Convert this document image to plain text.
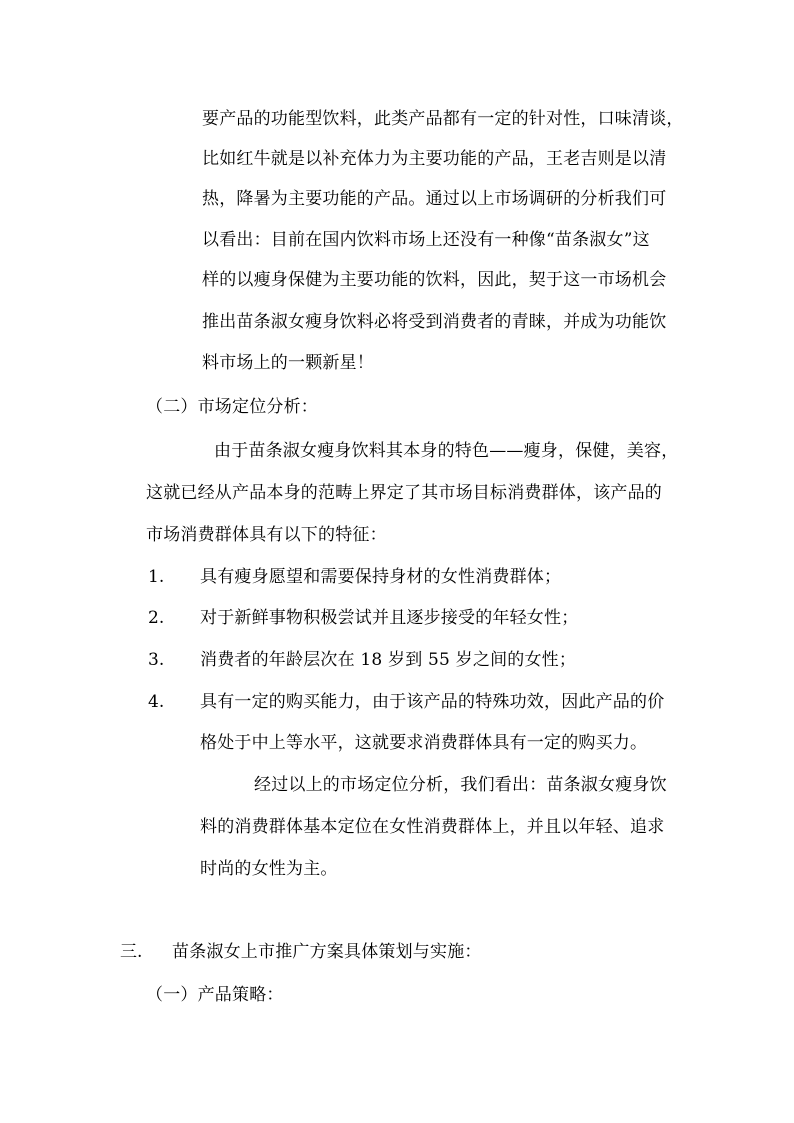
要产品的功能型饮料，此类产品都有一定的针对性，口味清谈，
比如红牛就是以补充体力为主要功能的产品，王老吉则是以清
热，降暑为主要功能的产品。通过以上市场调研的分析我们可
以看出：目前在国内饮料市场上还没有一种像“苗条淑女”这
样的以瘦身保健为主要功能的饮料，因此，契于这一市场机会
推出苗条淑女瘦身饮料必将受到消费者的青睐，并成为功能饮
料市场上的一颗新星！
（二）市场定位分析：
由于苗条淑女瘦身饮料其本身的特色——瘦身，保健，美容，
这就已经从产品本身的范畴上界定了其市场目标消费群体，该产品的
市场消费群体具有以下的特征：
1. 具有瘦身愿望和需要保持身材的女性消费群体；
2. 对于新鲜事物积极尝试并且逐步接受的年轻女性；
3. 消费者的年龄层次在 18 岁到 55 岁之间的女性；
4. 具有一定的购买能力，由于该产品的特殊功效，因此产品的价
格处于中上等水平，这就要求消费群体具有一定的购买力。
经过以上的市场定位分析，我们看出：苗条淑女瘦身饮
料的消费群体基本定位在女性消费群体上，并且以年轻、追求
时尚的女性为主。
三. 苗条淑女上市推广方案具体策划与实施：
（一）产品策略：
